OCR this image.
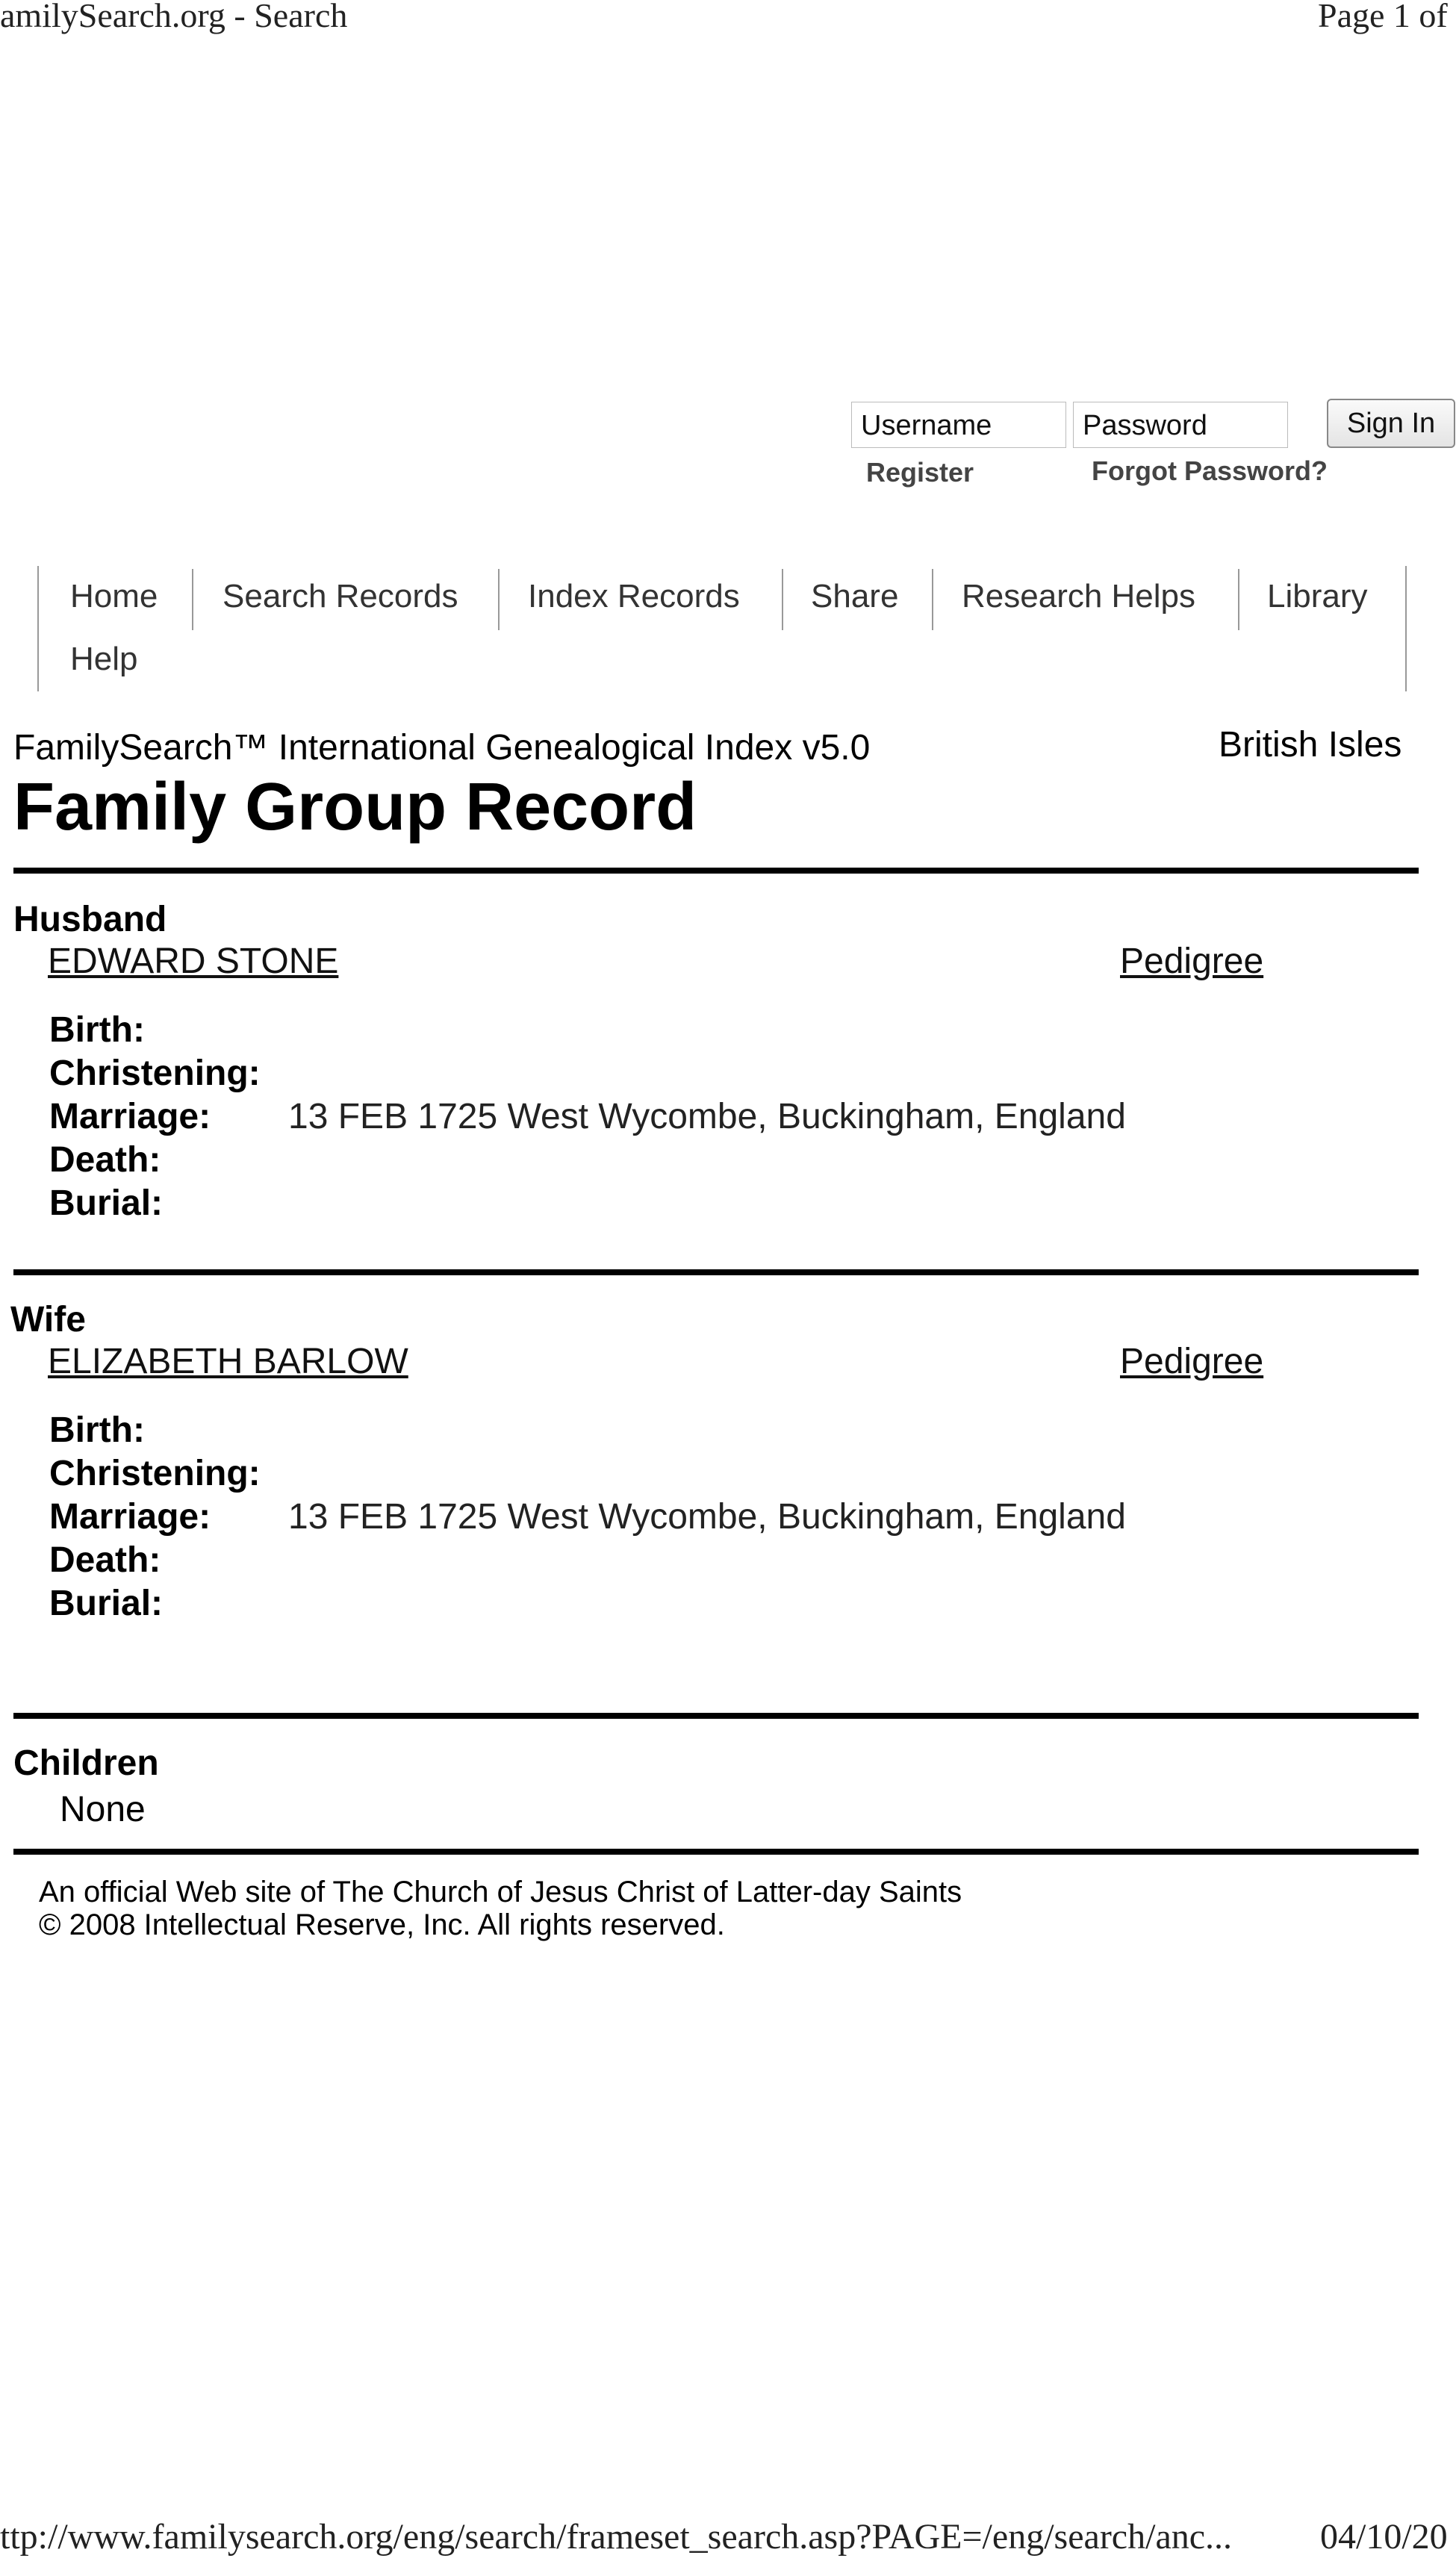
amilySearch.org - Search	Page 1 of
Username	Password	Sign In
Register	Forgot Password?
Home Search Records Index Records Share Research Helps Library
Help
FamilySearch™ International Genealogical Index v5.0	British Isles
Family Group Record
Husband
EDWARD STONE	Pedigree
Birth:
Christening:
Marriage: 13 FEB 1725 West Wycombe, Buckingham, England
Death:
Burial:
Wife
ELIZABETH BARLOW	Pedigree
Birth:
Christening:
Marriage: 13 FEB 1725 West Wycombe, Buckingham, England
Death:
Burial:
Children
None
An official Web site of The Church of Jesus Christ of Latter-day Saints
© 2008 Intellectual Reserve, Inc. All rights reserved.
ttp://www.familysearch.org/eng/search/frameset_search.asp?PAGE=/eng/search/anc... 04/10/20
